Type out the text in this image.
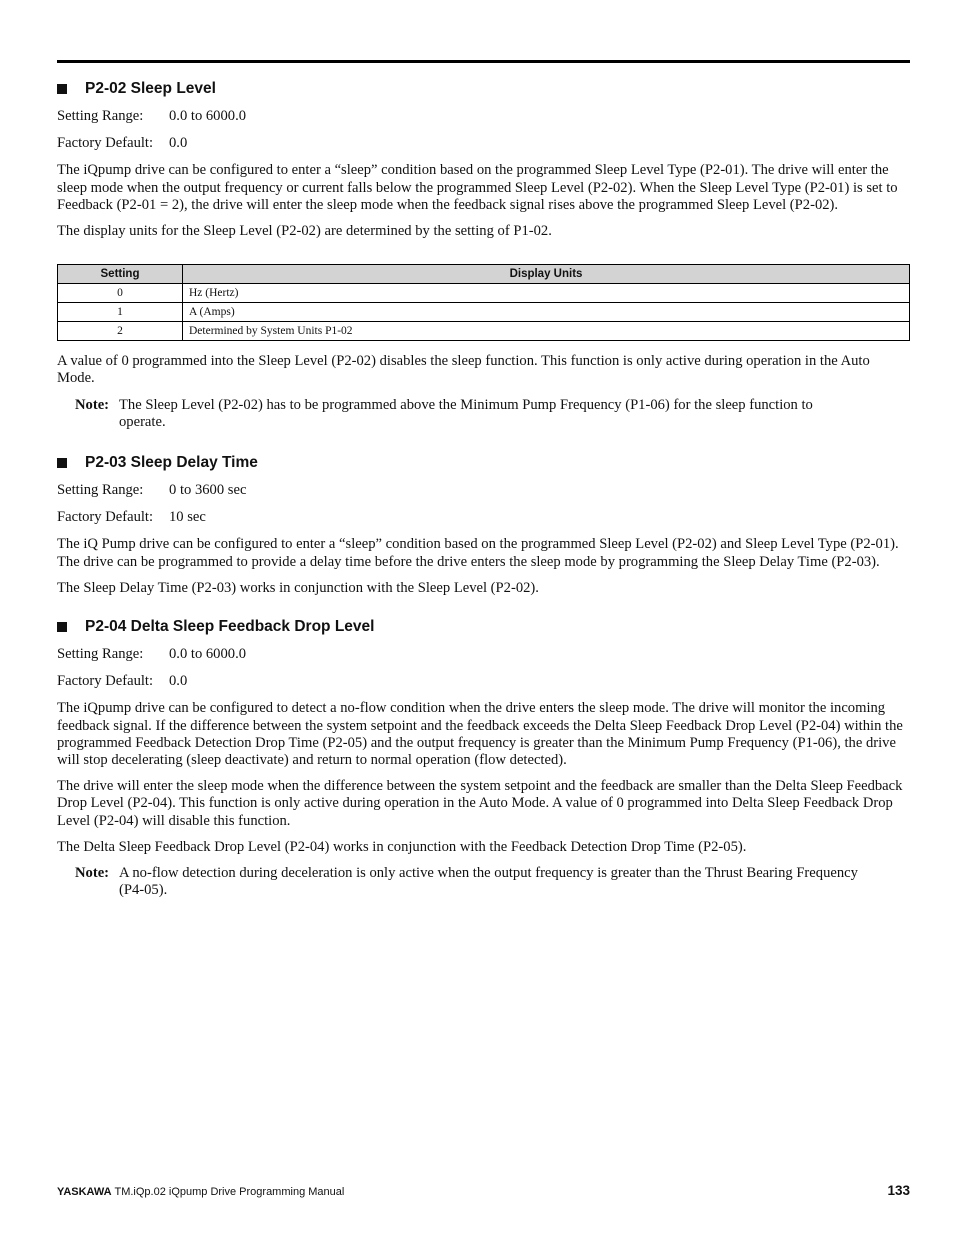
P2-02 Sleep Level
Setting Range: 0.0 to 6000.0
Factory Default: 0.0

The iQpump drive can be configured to enter a “sleep” condition based on the programmed Sleep Level Type (P2-01). The drive will enter the sleep mode when the output frequency or current falls below the programmed Sleep Level (P2-02). When the Sleep Level Type (P2-01) is set to Feedback (P2-01 = 2), the drive will enter the sleep mode when the feedback signal rises above the programmed Sleep Level (P2-02).

The display units for the Sleep Level (P2-02) are determined by the setting of P1-02.

Setting	Display Units
0	Hz (Hertz)
1	A (Amps)
2	Determined by System Units P1-02

A value of 0 programmed into the Sleep Level (P2-02) disables the sleep function. This function is only active during operation in the Auto Mode.

Note: The Sleep Level (P2-02) has to be programmed above the Minimum Pump Frequency (P1-06) for the sleep function to operate.
P2-03 Sleep Delay Time
Setting Range: 0 to 3600 sec
Factory Default: 10 sec

The iQ Pump drive can be configured to enter a “sleep” condition based on the programmed Sleep Level (P2-02) and Sleep Level Type (P2-01). The drive can be programmed to provide a delay time before the drive enters the sleep mode by programming the Sleep Delay Time (P2-03).

The Sleep Delay Time (P2-03) works in conjunction with the Sleep Level (P2-02).

P2-04 Delta Sleep Feedback Drop Level
Setting Range: 0.0 to 6000.0
Factory Default: 0.0

The iQpump drive can be configured to detect a no-flow condition when the drive enters the sleep mode. The drive will monitor the incoming feedback signal. If the difference between the system setpoint and the feedback exceeds the Delta Sleep Feedback Drop Level (P2-04) within the programmed Feedback Detection Drop Time (P2-05) and the output frequency is greater than the Minimum Pump Frequency (P1-06), the drive will stop decelerating (sleep deactivate) and return to normal operation (flow detected).

The drive will enter the sleep mode when the difference between the system setpoint and the feedback are smaller than the Delta Sleep Feedback Drop Level (P2-04). This function is only active during operation in the Auto Mode. A value of 0 programmed into Delta Sleep Feedback Drop Level (P2-04) will disable this function.

The Delta Sleep Feedback Drop Level (P2-04) works in conjunction with the Feedback Detection Drop Time (P2-05).

Note: A no-flow detection during deceleration is only active when the output frequency is greater than the Thrust Bearing Frequency (P4-05).
YASKAWA TM.iQp.02 iQpump Drive Programming Manual	133
